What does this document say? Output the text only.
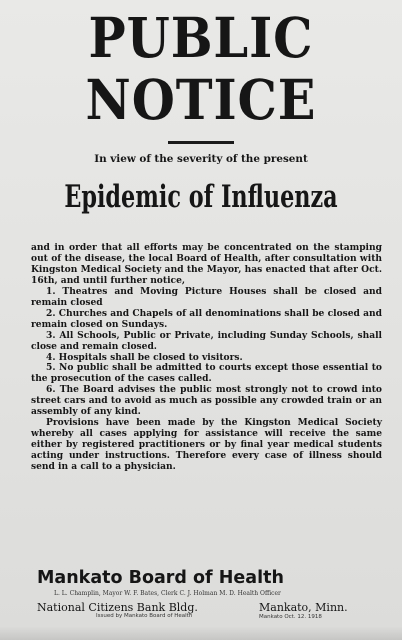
PUBLIC
NOTICE
In view of the severity of the present
Epidemic of Influenza

and in order that all efforts may be concentrated on the stamping out of the disease, the local Board of Health, after consultation with Kingston Medical Society and the Mayor, has enacted that after Oct. 16th, and until further notice,

1. Theatres and Moving Picture Houses shall be closed and remain closed

2. Churches and Chapels of all denominations shall be closed and remain closed on Sundays.

3. All Schools, Public or Private, including Sunday Schools, shall close and remain closed.

4. Hospitals shall be closed to visitors.

5. No public shall be admitted to courts except those essential to the prosecution of the cases called.

6. The Board advises the public most strongly not to crowd into street cars and to avoid as much as possible any crowded train or an assembly of any kind.

Provisions have been made by the Kingston Medical Society whereby all cases applying for assistance will receive the same either by registered practitioners or by final year medical students acting under instructions. Therefore every case of illness should send in a call to a physician.

Mankato Board of Health
L. L. Champlin, Mayor W. F. Bates, Clerk C. J. Holman M. D. Health Officer
National Citizens Bank Bldg.
Issued by Mankato Board of Health
Mankato, Minn.
Mankato Oct. 12. 1918
